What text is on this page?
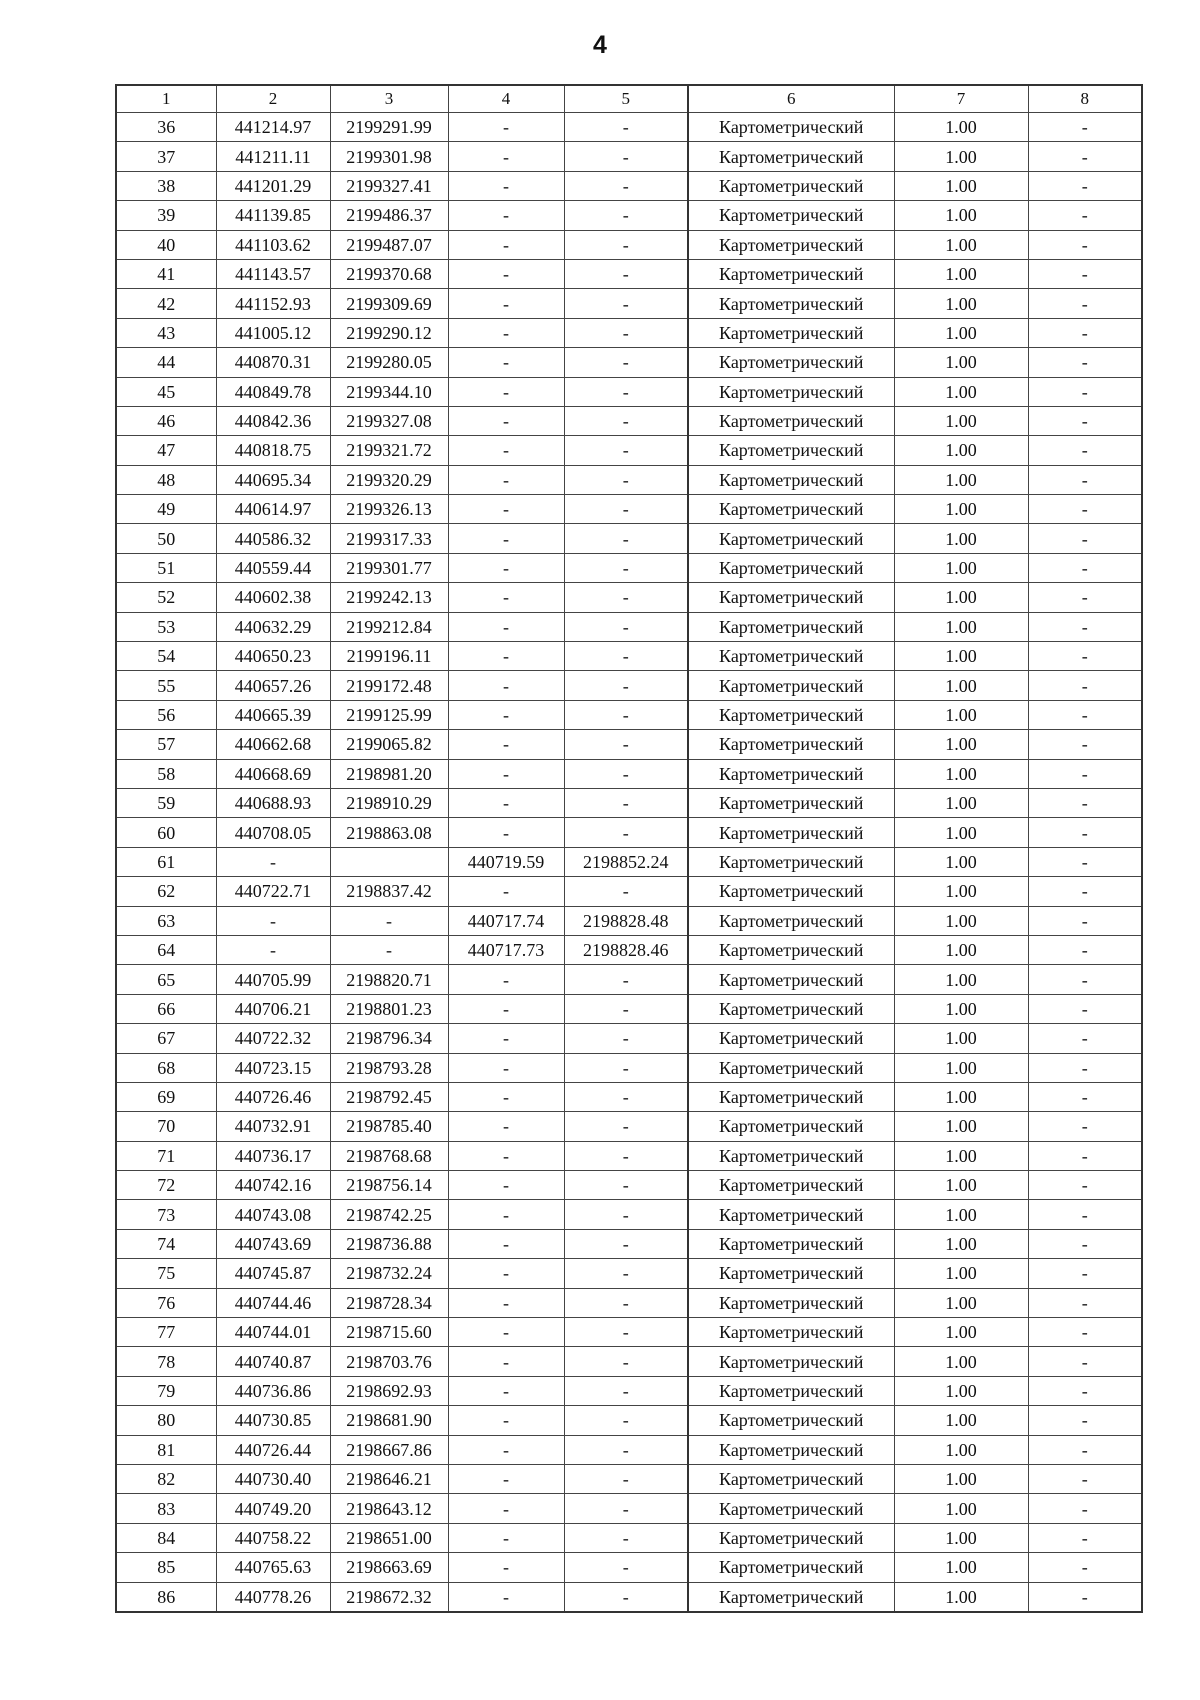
4
1	2	3	4	5	6	7	8
36	441214.97	2199291.99	-	-	Картометрический	1.00	-
37	441211.11	2199301.98	-	-	Картометрический	1.00	-
38	441201.29	2199327.41	-	-	Картометрический	1.00	-
39	441139.85	2199486.37	-	-	Картометрический	1.00	-
40	441103.62	2199487.07	-	-	Картометрический	1.00	-
41	441143.57	2199370.68	-	-	Картометрический	1.00	-
42	441152.93	2199309.69	-	-	Картометрический	1.00	-
43	441005.12	2199290.12	-	-	Картометрический	1.00	-
44	440870.31	2199280.05	-	-	Картометрический	1.00	-
45	440849.78	2199344.10	-	-	Картометрический	1.00	-
46	440842.36	2199327.08	-	-	Картометрический	1.00	-
47	440818.75	2199321.72	-	-	Картометрический	1.00	-
48	440695.34	2199320.29	-	-	Картометрический	1.00	-
49	440614.97	2199326.13	-	-	Картометрический	1.00	-
50	440586.32	2199317.33	-	-	Картометрический	1.00	-
51	440559.44	2199301.77	-	-	Картометрический	1.00	-
52	440602.38	2199242.13	-	-	Картометрический	1.00	-
53	440632.29	2199212.84	-	-	Картометрический	1.00	-
54	440650.23	2199196.11	-	-	Картометрический	1.00	-
55	440657.26	2199172.48	-	-	Картометрический	1.00	-
56	440665.39	2199125.99	-	-	Картометрический	1.00	-
57	440662.68	2199065.82	-	-	Картометрический	1.00	-
58	440668.69	2198981.20	-	-	Картометрический	1.00	-
59	440688.93	2198910.29	-	-	Картометрический	1.00	-
60	440708.05	2198863.08	-	-	Картометрический	1.00	-
61	-		440719.59	2198852.24	Картометрический	1.00	-
62	440722.71	2198837.42	-	-	Картометрический	1.00	-
63	-	-	440717.74	2198828.48	Картометрический	1.00	-
64	-	-	440717.73	2198828.46	Картометрический	1.00	-
65	440705.99	2198820.71	-	-	Картометрический	1.00	-
66	440706.21	2198801.23	-	-	Картометрический	1.00	-
67	440722.32	2198796.34	-	-	Картометрический	1.00	-
68	440723.15	2198793.28	-	-	Картометрический	1.00	-
69	440726.46	2198792.45	-	-	Картометрический	1.00	-
70	440732.91	2198785.40	-	-	Картометрический	1.00	-
71	440736.17	2198768.68	-	-	Картометрический	1.00	-
72	440742.16	2198756.14	-	-	Картометрический	1.00	-
73	440743.08	2198742.25	-	-	Картометрический	1.00	-
74	440743.69	2198736.88	-	-	Картометрический	1.00	-
75	440745.87	2198732.24	-	-	Картометрический	1.00	-
76	440744.46	2198728.34	-	-	Картометрический	1.00	-
77	440744.01	2198715.60	-	-	Картометрический	1.00	-
78	440740.87	2198703.76	-	-	Картометрический	1.00	-
79	440736.86	2198692.93	-	-	Картометрический	1.00	-
80	440730.85	2198681.90	-	-	Картометрический	1.00	-
81	440726.44	2198667.86	-	-	Картометрический	1.00	-
82	440730.40	2198646.21	-	-	Картометрический	1.00	-
83	440749.20	2198643.12	-	-	Картометрический	1.00	-
84	440758.22	2198651.00	-	-	Картометрический	1.00	-
85	440765.63	2198663.69	-	-	Картометрический	1.00	-
86	440778.26	2198672.32	-	-	Картометрический	1.00	-
